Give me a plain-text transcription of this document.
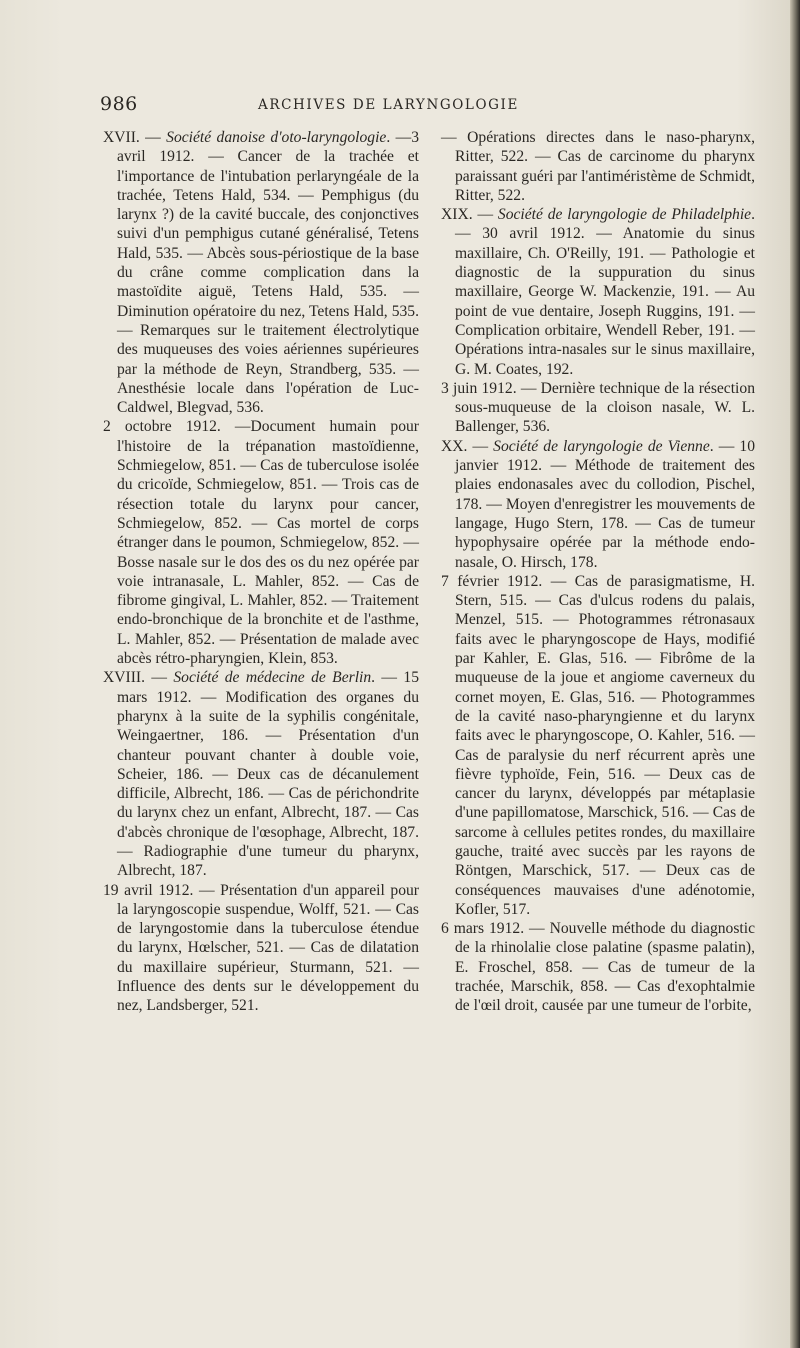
986	ARCHIVES DE LARYNGOLOGIE

XVII. — Société danoise d'oto-laryngologie. —3 avril 1912. — Cancer de la trachée et l'importance de l'intubation perlaryngéale de la trachée, Tetens Hald, 534. — Pemphigus (du larynx ?) de la cavité buccale, des conjonctives suivi d'un pemphigus cutané généralisé, Tetens Hald, 535. — Abcès sous-périostique de la base du crâne comme complication dans la mastoïdite aiguë, Tetens Hald, 535. — Diminution opératoire du nez, Tetens Hald, 535. — Remarques sur le traitement électrolytique des muqueuses des voies aériennes supérieures par la méthode de Reyn, Strandberg, 535. — Anesthésie locale dans l'opération de Luc-Caldwel, Blegvad, 536.

2 octobre 1912. —Document humain pour l'histoire de la trépanation mastoïdienne, Schmiegelow, 851. — Cas de tuberculose isolée du cricoïde, Schmiegelow, 851. — Trois cas de résection totale du larynx pour cancer, Schmiegelow, 852. — Cas mortel de corps étranger dans le poumon, Schmiegelow, 852. — Bosse nasale sur le dos des os du nez opérée par voie intranasale, L. Mahler, 852. — Cas de fibrome gingival, L. Mahler, 852. — Traitement endo-bronchique de la bronchite et de l'asthme, L. Mahler, 852. — Présentation de malade avec abcès rétro-pharyngien, Klein, 853.

XVIII. — Société de médecine de Berlin. — 15 mars 1912. — Modification des organes du pharynx à la suite de la syphilis congénitale, Weingaertner, 186. — Présentation d'un chanteur pouvant chanter à double voie, Scheier, 186. — Deux cas de décanulement difficile, Albrecht, 186. — Cas de périchondrite du larynx chez un enfant, Albrecht, 187. — Cas d'abcès chronique de l'œsophage, Albrecht, 187. — Radiographie d'une tumeur du pharynx, Albrecht, 187.

19 avril 1912. — Présentation d'un appareil pour la laryngoscopie suspendue, Wolff, 521. — Cas de laryngostomie dans la tuberculose étendue du larynx, Hœlscher, 521. — Cas de dilatation du maxillaire supérieur, Sturmann, 521. — Influence des dents sur le développement du nez, Landsberger, 521.

— Opérations directes dans le naso-pharynx, Ritter, 522. — Cas de carcinome du pharynx paraissant guéri par l'antiméristème de Schmidt, Ritter, 522.

XIX. — Société de laryngologie de Philadelphie. — 30 avril 1912. — Anatomie du sinus maxillaire, Ch. O'Reilly, 191. — Pathologie et diagnostic de la suppuration du sinus maxillaire, George W. Mackenzie, 191. — Au point de vue dentaire, Joseph Ruggins, 191. — Complication orbitaire, Wendell Reber, 191. — Opérations intra-nasales sur le sinus maxillaire, G. M. Coates, 192.

3 juin 1912. — Dernière technique de la résection sous-muqueuse de la cloison nasale, W. L. Ballenger, 536.

XX. — Société de laryngologie de Vienne. — 10 janvier 1912. — Méthode de traitement des plaies endonasales avec du collodion, Pischel, 178. — Moyen d'enregistrer les mouvements de langage, Hugo Stern, 178. — Cas de tumeur hypophysaire opérée par la méthode endo-nasale, O. Hirsch, 178.

7 février 1912. — Cas de parasigmatisme, H. Stern, 515. — Cas d'ulcus rodens du palais, Menzel, 515. — Photogrammes rétronasaux faits avec le pharyngoscope de Hays, modifié par Kahler, E. Glas, 516. — Fibrôme de la muqueuse de la joue et angiome caverneux du cornet moyen, E. Glas, 516. — Photogrammes de la cavité naso-pharyngienne et du larynx faits avec le pharyngoscope, O. Kahler, 516. — Cas de paralysie du nerf récurrent après une fièvre typhoïde, Fein, 516. — Deux cas de cancer du larynx, développés par métaplasie d'une papillomatose, Marschick, 516. — Cas de sarcome à cellules petites rondes, du maxillaire gauche, traité avec succès par les rayons de Röntgen, Marschick, 517. — Deux cas de conséquences mauvaises d'une adénotomie, Kofler, 517.

6 mars 1912. — Nouvelle méthode du diagnostic de la rhinolalie close palatine (spasme palatin), E. Froschel, 858. — Cas de tumeur de la trachée, Marschik, 858. — Cas d'exophtalmie de l'œil droit, causée par une tumeur de l'orbite,
